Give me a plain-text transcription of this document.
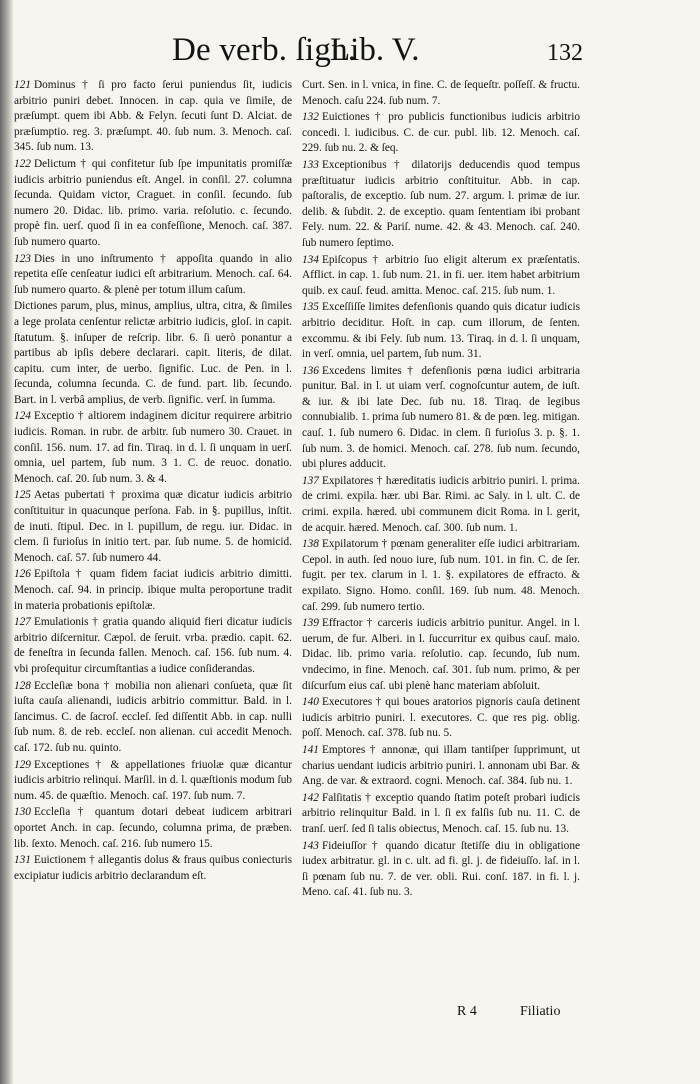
De verb. ſign.
Lib. V.	132

121 Dominus † ſi pro facto ſerui puniendus ſit, iudicis arbitrio puniri debet. Innocen. in cap. quia ve ſimile, de præſumpt. quem ibi Abb. & Felyn. ſecuti ſunt D. Alciat. de præſumptio. reg. 3. præſumpt. 40. ſub num. 3. Menoch. caſ. 345. ſub num. 13.

122 Delictum † qui confitetur ſub ſpe impunitatis promiſſæ iudicis arbitrio puniendus eſt. Angel. in conſil. 27. columna ſecunda. Quidam victor, Craguet. in conſil. ſecundo. ſub numero 20. Didac. lib. primo. varia. reſolutio. c. ſecundo. propè fin. uerſ. quod ſi in ea confeſſione, Menoch. caſ. 387. ſub numero quarto.

123 Dies in uno inſtrumento † appoſita quando in alio repetita eſſe cenſeatur iudici eſt arbitrarium. Menoch. caſ. 64. ſub numero quarto. & plenè per totum illum caſum.

Dictiones parum, plus, minus, amplius, ultra, citra, & ſimiles a lege prolata cenſentur relictæ arbitrio iudicis, gloſ. in capit. ſtatutum. §. inſuper de reſcrip. libr. 6. ſi uerò ponantur a partibus ab ipſis debere declarari. capit. literis, de dilat. capitu. cum inter, de uerbo. ſignific. Luc. de Pen. in l. ſecunda, columna ſecunda. C. de fund. part. lib. ſecundo. Bart. in l. verbâ amplius, de verb. ſignific. verſ. in ſumma.

124 Exceptio † altiorem indaginem dicitur requirere arbitrio iudicis. Roman. in rubr. de arbitr. ſub numero 30. Crauet. in conſil. 156. num. 17. ad fin. Tiraq. in d. l. ſi unquam in uerſ. omnia, uel partem, ſub num. 3 1. C. de reuoc. donatio. Menoch. caſ. 20. ſub num. 3. & 4.

125 Aetas pubertati † proxima quæ dicatur iudicis arbitrio conſtituitur in quacunque perſona. Fab. in §. pupillus, inſtit. de inuti. ſtipul. Dec. in l. pupillum, de regu. iur. Didac. in clem. ſi furioſus in initio tert. par. ſub nume. 5. de homicid. Menoch. caſ. 57. ſub numero 44.

126 Epiſtola † quam fidem faciat iudicis arbitrio dimitti. Menoch. caſ. 94. in princip. ibique multa peroportune tradit in materia probationis epiſtolæ.

127 Emulationis † gratia quando aliquid fieri dicatur iudicis arbitrio diſcernitur. Cæpol. de ſeruit. vrba. prædio. capit. 62. de feneſtra in ſecunda fallen. Menoch. caſ. 156. ſub num. 4. vbi proſequitur circumſtantias a iudice conſiderandas.

128 Eccleſiæ bona † mobilia non alienari conſueta, quæ ſit iuſta cauſa alienandi, iudicis arbitrio committur. Bald. in l. ſancimus. C. de ſacroſ. eccleſ. ſed diſſentit Abb. in cap. nulli ſub num. 8. de reb. eccleſ. non alienan. cui accedit Menoch. caſ. 172. ſub nu. quinto.

129 Exceptiones † & appellationes friuolæ quæ dicantur iudicis arbitrio relinqui. Marſil. in d. l. quæſtionis modum ſub num. 45. de quæſtio. Menoch. caſ. 197. ſub num. 7.

130 Eccleſia † quantum dotari debeat iudicem arbitrari oportet Anch. in cap. ſecundo, columna prima, de præben. lib. ſexto. Menoch. caſ. 216. ſub numero 15.

131 Euictionem † allegantis dolus & fraus quibus coniecturis excipiatur iudicis arbitrio declarandum eſt.

Curt. Sen. in l. vnica, in fine. C. de ſequeſtr. poſſeſſ. & fructu. Menoch. caſu 224. ſub num. 7.

132 Euictiones † pro publicis functionibus iudicis arbitrio concedi. l. iudicibus. C. de cur. publ. lib. 12. Menoch. caſ. 229. ſub nu. 2. & ſeq.

133 Exceptionibus † dilatorijs deducendis quod tempus præſtituatur iudicis arbitrio conſtituitur. Abb. in cap. paſtoralis, de exceptio. ſub num. 27. argum. l. primæ de iur. delib. & ſubdit. 2. de exceptio. quam ſententiam ibi probant Fely. num. 22. & Pariſ. nume. 42. & 43. Menoch. caſ. 240. ſub numero ſeptimo.

134 Epiſcopus † arbitrio ſuo eligit alterum ex præſentatis. Afflict. in cap. 1. ſub num. 21. in fi. uer. item habet arbitrium quib. ex cauſ. feud. amitta. Menoc. caſ. 215. ſub num. 1.

135 Exceſſiſſe limites defenſionis quando quis dicatur iudicis arbitrio deciditur. Hoſt. in cap. cum illorum, de ſenten. excommu. & ibi Fely. ſub num. 13. Tiraq. in d. l. ſi unquam, in verſ. omnia, uel partem, ſub num. 31.

136 Excedens limites † defenſionis pœna iudici arbitraria punitur. Bal. in l. ut uiam verſ. cognoſcuntur autem, de iuſt. & iur. & ibi late Dec. ſub nu. 18. Tiraq. de legibus connubialib. 1. prima ſub numero 81. & de pœn. leg. mitigan. cauſ. 1. ſub numero 6. Didac. in clem. ſi furioſus 3. p. §. 1. ſub num. 3. de homici. Menoch. caſ. 278. ſub num. ſecundo, ubi plures adducit.

137 Expilatores † hæreditatis iudicis arbitrio puniri. l. prima. de crimi. expila. hær. ubi Bar. Rimi. ac Saly. in l. ult. C. de crimi. expila. hæred. ubi communem dicit Roma. in l. gerit, de acquir. hæred. Menoch. caſ. 300. ſub num. 1.

138 Expilatorum † pœnam generaliter eſſe iudici arbitrariam. Cepol. in auth. ſed nouo iure, ſub num. 101. in fin. C. de ſer. fugit. per tex. clarum in l. 1. §. expilatores de effracto. & expilato. Signo. Homo. conſil. 169. ſub num. 48. Menoch. caſ. 299. ſub numero tertio.

139 Effractor † carceris iudicis arbitrio punitur. Angel. in l. uerum, de fur. Alberi. in l. ſuccurritur ex quibus cauſ. maio. Didac. lib. primo varia. reſolutio. cap. ſecundo, ſub num. vndecimo, in fine. Menoch. caſ. 301. ſub num. primo, & per diſcurſum eius caſ. ubi plenè hanc materiam abſoluit.

140 Executores † qui boues aratorios pignoris cauſa detinent iudicis arbitrio puniri. l. executores. C. que res pig. oblig. poſſ. Menoch. caſ. 378. ſub nu. 5.

141 Emptores † annonæ, qui illam tantiſper ſupprimunt, ut charius uendant iudicis arbitrio puniri. l. annonam ubi Bar. & Ang. de var. & extraord. cogni. Menoch. caſ. 384. ſub nu. 1.

142 Falſitatis † exceptio quando ſtatim poteſt probari iudicis arbitrio relinquitur Bald. in l. ſi ex falſis ſub nu. 11. C. de tranſ. uerſ. ſed ſi talis obiectus, Menoch. caſ. 15. ſub nu. 13.

143 Fideiuſſor † quando dicatur ſtetiſſe diu in obligatione iudex arbitratur. gl. in c. ult. ad fi. gl. j. de fideiuſſo. laſ. in l. ſi pœnam ſub nu. 7. de ver. obli. Rui. conſ. 187. in fi. l. j. Meno. caſ. 41. ſub nu. 3.

R 4	Filiatio
